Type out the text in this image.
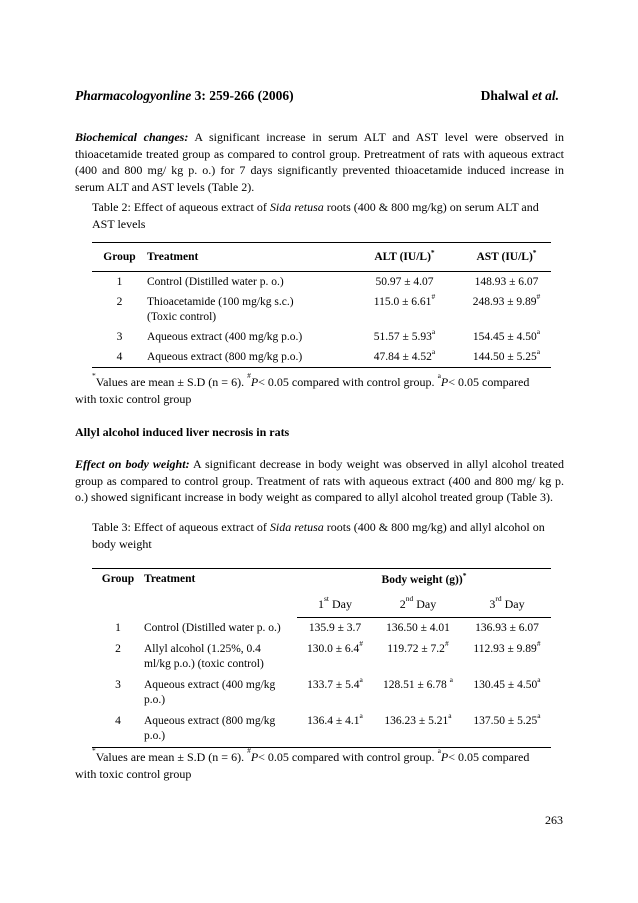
Pharmacologyonline 3: 259-266 (2006)	Dhalwal et al.

Biochemical changes: A significant increase in serum ALT and AST level were observed in thioacetamide treated group as compared to control group. Pretreatment of rats with aqueous extract (400 and 800 mg/ kg p. o.) for 7 days significantly prevented thioacetamide induced increase in serum ALT and AST levels (Table 2).

Table 2: Effect of aqueous extract of Sida retusa roots (400 & 800 mg/kg) on serum ALT and AST levels
Group	Treatment	ALT (IU/L)*	AST (IU/L)*
1	Control (Distilled water p. o.)	50.97 ± 4.07	148.93 ± 6.07
2	Thioacetamide (100 mg/kg s.c.)
(Toxic control)	115.0 ± 6.61#	248.93 ± 9.89#
3	Aqueous extract (400 mg/kg p.o.)	51.57 ± 5.93$^a$	154.45 ± 4.50$^a$
4	Aqueous extract (800 mg/kg p.o.)	47.84 ± 4.52$^a$	144.50 ± 5.25$^a$
*Values are mean ± S.D (n = 6). #P< 0.05 compared with control group. $^a$P< 0.05 compared with toxic control group
Allyl alcohol induced liver necrosis in rats

Effect on body weight: A significant decrease in body weight was observed in allyl alcohol treated group as compared to control group. Treatment of rats with aqueous extract (400 and 800 mg/ kg p. o.) showed significant increase in body weight as compared to allyl alcohol treated group (Table 3).

Table 3: Effect of aqueous extract of Sida retusa roots (400 & 800 mg/kg) and allyl alcohol on body weight
Group	Treatment	Body weight (g))*
		1st Day	2nd Day	3rd Day
1	Control (Distilled water p. o.)	135.9 ± 3.7	136.50 ± 4.01	136.93 ± 6.07
2	Allyl alcohol (1.25%, 0.4
ml/kg p.o.) (toxic control)	130.0 ± 6.4#	119.72 ± 7.2#	112.93 ± 9.89#
3	Aqueous extract (400 mg/kg
p.o.)	133.7 ± 5.4$^a$	128.51 ± 6.78 $^a$	130.45 ± 4.50$^a$
4	Aqueous extract (800 mg/kg
p.o.)	136.4 ± 4.1$^a$	136.23 ± 5.21$^a$	137.50 ± 5.25$^a$
*Values are mean ± S.D (n = 6). #P< 0.05 compared with control group. $^a$P< 0.05 compared with toxic control group
263
